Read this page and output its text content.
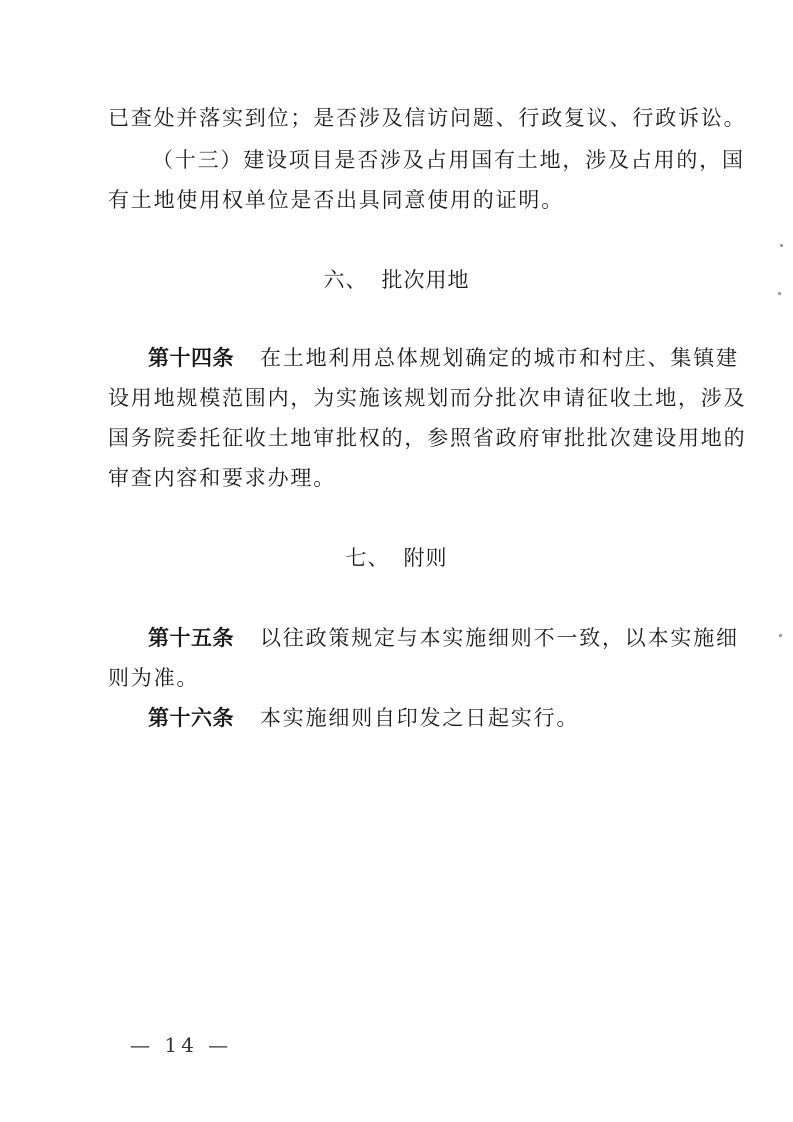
已查处并落实到位；是否涉及信访问题、行政复议、行政诉讼。
（十三）建设项目是否涉及占用国有土地，涉及占用的，国
有土地使用权单位是否出具同意使用的证明。
六、 批次用地
第十四条 在土地利用总体规划确定的城市和村庄、集镇建
设用地规模范围内，为实施该规划而分批次申请征收土地，涉及
国务院委托征收土地审批权的，参照省政府审批批次建设用地的
审查内容和要求办理。
七、 附则
第十五条 以往政策规定与本实施细则不一致，以本实施细
则为准。
第十六条 本实施细则自印发之日起实行。
— 14 —
